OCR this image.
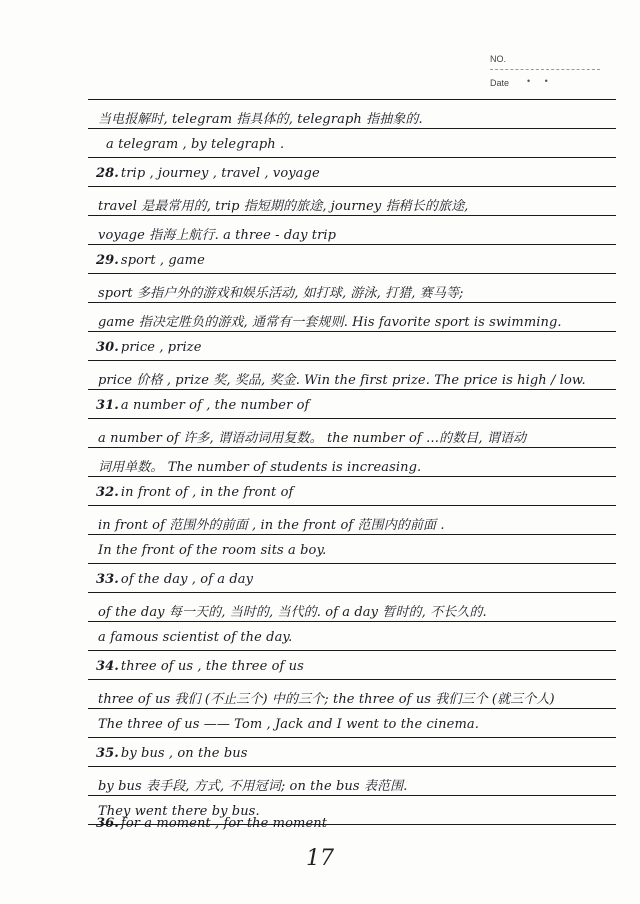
NO.
Date • •
当电报解时, telegram 指具体的, telegraph 指抽象的.
a telegram , by telegraph .
28. trip , journey , travel , voyage
travel 是最常用的, trip 指短期的旅途, journey 指稍长的旅途,
voyage 指海上航行. a three - day trip
29. sport , game
sport 多指户外的游戏和娱乐活动, 如打球, 游泳, 打猎, 赛马等;
game 指决定胜负的游戏, 通常有一套规则. His favorite sport is swimming.
30. price , prize
price 价格 , prize 奖, 奖品, 奖金. Win the first prize. The price is high / low.
31. a number of , the number of
a number of 许多, 谓语动词用复数。 the number of …的数目, 谓语动
词用单数。 The number of students is increasing.
32. in front of , in the front of
in front of 范围外的前面 , in the front of 范围内的前面 .
In the front of the room sits a boy.
33. of the day , of a day
of the day 每一天的, 当时的, 当代的. of a day 暂时的, 不长久的.
a famous scientist of the day.
34. three of us , the three of us
three of us 我们 (不止三个) 中的三个; the three of us 我们三个 (就三个人)
The three of us —— Tom , Jack and I went to the cinema.
35. by bus , on the bus
by bus 表手段, 方式, 不用冠词; on the bus 表范围.
They went there by bus.
36. for a moment , for the moment
17
